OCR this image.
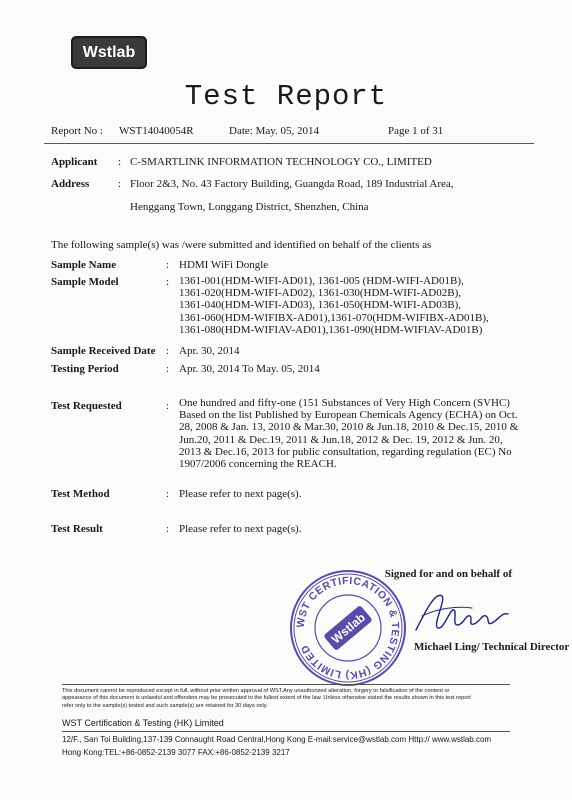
Wstlab
Test Report
Report No : WST14040054R	Date: May. 05, 2014	Page 1 of 31
Applicant : C-SMARTLINK INFORMATION TECHNOLOGY CO., LIMITED
Address	: Floor 2&3, No. 43 Factory Building, Guangda Road, 189 Industrial Area,
Henggang Town, Longgang District, Shenzhen, China
The following sample(s) was /were submitted and identified on behalf of the clients as 
Sample Name	: HDMI WiFi Dongle
Sample Model	: 1361-001(HDM-WIFI-AD01), 1361-005 (HDM-WIFI-AD01B),
1361-020(HDM-WIFI-AD02), 1361-030(HDM-WIFI-AD02B),
1361-040(HDM-WIFI-AD03), 1361-050(HDM-WIFI-AD03B),
1361-060(HDM-WIFIBX-AD01),1361-070(HDM-WIFIBX-AD01B),
1361-080(HDM-WIFIAV-AD01),1361-090(HDM-WIFIAV-AD01B)
Sample Received Date : Apr. 30, 2014
Testing Period	: Apr. 30, 2014 To May. 05, 2014
Test Requested	: One hundred and fifty-one (151 Substances of Very High Concern (SVHC)
Based on the list Published by European Chemicals Agency (ECHA) on Oct.
28, 2008 & Jan. 13, 2010 & Mar.30, 2010 & Jun.18, 2010 & Dec.15, 2010 &
Jun.20, 2011 & Dec.19, 2011 & Jun.18, 2012 & Dec. 19, 2012 & Jun. 20,
2013 & Dec.16, 2013 for public consultation, regarding regulation (EC) No
1907/2006 concerning the REACH.
Test Method	: Please refer to next page(s).
Test Result	: Please refer to next page(s).
Signed for and on behalf of
WST CERTIFICATION & TESTING (HK) LIMITED
Wstlab
Michael Ling/ Technical Director
This document cannot be reproduced except in full, without prior written approval of WST.Any unauthorized alteration, forgery or falsification of the content or
appearance of this document is unlawful and offenders may be prosecuted to the fullest extent of the law. Unless otherwise stated the results shown in this test report
refer only to the sample(s) tested and such sample(s) are retained for 30 days only.
WST Certification & Testing (HK) Limited
12/F., San Toi Building,137-139 Connaught Road Central,Hong Kong E-mail:service@wstlab.com Http:// www.wstlab.com
Hong Kong:TEL:+86-0852-2139 3077 FAX:+86-0852-2139 3217
